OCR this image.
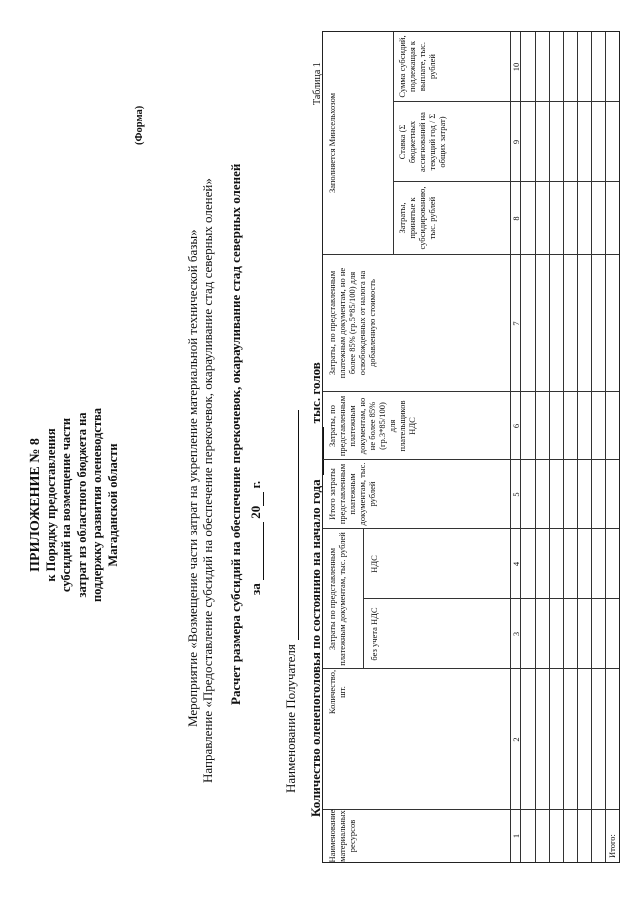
ПРИЛОЖЕНИЕ № 8 к Порядку предоставления субсидий на возмещение части затрат из областного бюджета на поддержку развития оленеводства Магаданской области
(Форма)
Мероприятие «Возмещение части затрат на укрепление материальной технической базы» Направление «Предоставление субсидий на обеспечение перекочевок, окарауливание стад северных оленей» Расчет размера субсидий на обеспечение перекочевок, окарауливание стад северных оленей за  20 г.
Наименование Получателя Количество оленепоголовья по состоянию на начало годатыс. голов
Таблица 1
Наименование материальных ресурсов
Количество, шт.
Затраты по представленным платежным документам, тыс. рублей	без учета НДС
НДС
Итого затраты представленным платежным документам, тыс. рублей
Затраты, по представленным платежным документам, но не более 85% (гр.3*85/100) для плательщиков НДС
Затраты, по представленным платежным документам, но не более 85% (гр.5*85/100) для освобожденных от налога на добавленную стоимость
Заполняется Минсельхозом
Затраты, принятые к субсидированию, тыс. рублей
Ставка (Σ бюджетных ассигнований на текущий год / Σ общих затрат)
Сумма субсидий, подлежащая к выплате, тыс. рублей
1
2
3
4
5
6
7
8
9
10
Итого:
